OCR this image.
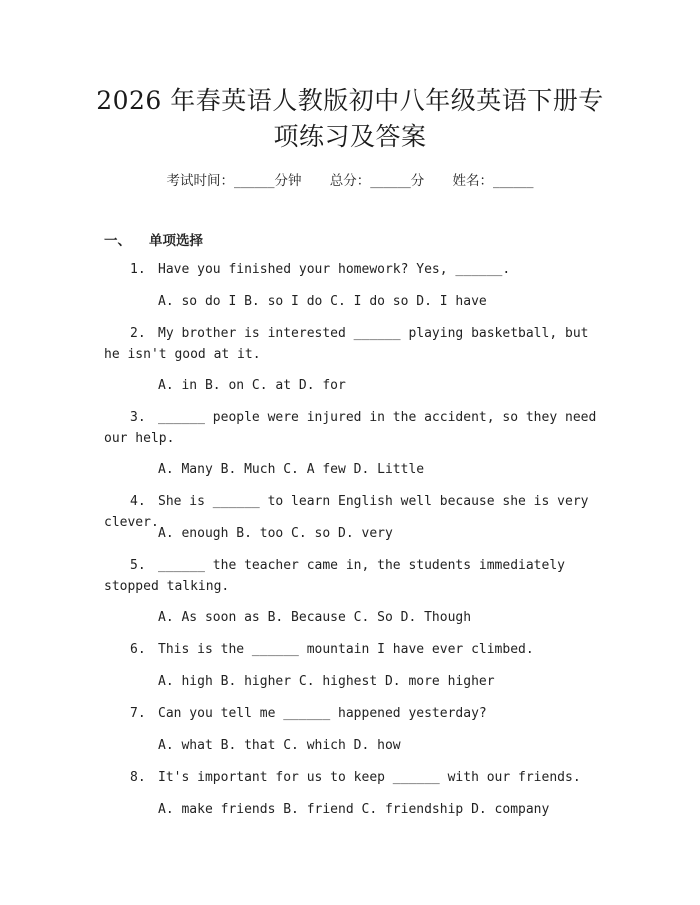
2026 年春英语人教版初中八年级英语下册专
项练习及答案
考试时间：______分钟 总分：______分 姓名：______
一、 单项选择
1. Have you finished your homework? Yes, ______.
A. so do I B. so I do C. I do so D. I have
2. My brother is interested ______ playing basketball, but he isn't good at it.
A. in B. on C. at D. for
3. ______ people were injured in the accident, so they need our help.
A. Many B. Much C. A few D. Little
4. She is ______ to learn English well because she is very clever.
A. enough B. too C. so D. very
5. ______ the teacher came in, the students immediately stopped talking.
A. As soon as B. Because C. So D. Though
6. This is the ______ mountain I have ever climbed.
A. high B. higher C. highest D. more higher
7. Can you tell me ______ happened yesterday?
A. what B. that C. which D. how
8. It's important for us to keep ______ with our friends.
A. make friends B. friend C. friendship D. company
